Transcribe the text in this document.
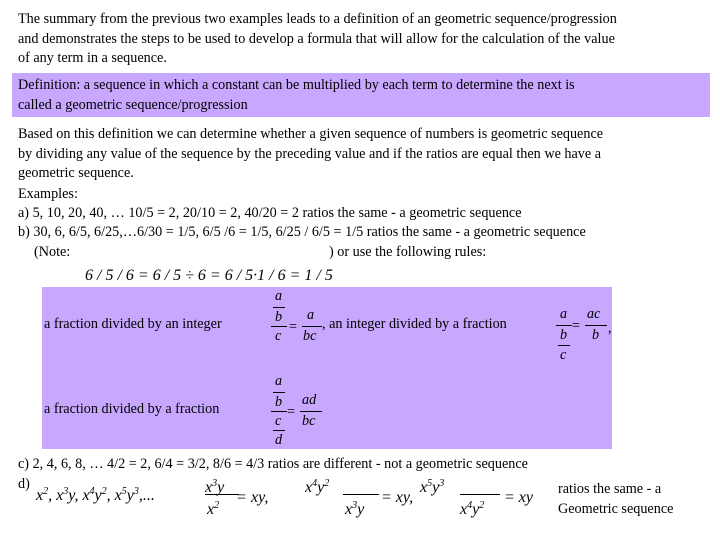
The summary from the previous two examples leads to a definition of an geometric sequence/progression
and demonstrates the steps to be used to develop a formula that will allow for the calculation of the value
of any term in a sequence.
Definition: a sequence in which a constant can be multiplied by each term to determine the next is
called a geometric sequence/progression
Based on this definition we can determine whether a given sequence of numbers is geometric sequence
by dividing any value of the sequence by the preceding value and if the ratios are equal then we have a
geometric sequence.
Examples:
a) 5, 10, 20, 40, … 10/5 = 2, 20/10 = 2, 40/20 = 2 ratios the same - a geometric sequence
b) 30, 6, 6/5, 6/25,…6/30 = 1/5, 6/5 /6 = 1/5, 6/25 / 6/5 = 1/5 ratios the same - a geometric sequence
(Note:	) or use the following rules:
6 / 5 / 6 = 6 / 5 ÷ 6 = 6 / 5·1 / 6 = 1 / 5
a fraction divided by an integer
a
b
c
=
a
bc
, an integer divided by a fraction
a
b
c
=
ac
b ,
a fraction divided by a fraction
a
b
c
d
=
ad
bc
c) 2, 4, 6, 8, … 4/2 = 2, 6/4 = 3/2, 8/6 = 4/3 ratios are different - not a geometric sequence
d)
$x^2$, $x^3y$, $x^4y^2$, $x^5y^3$,...	$x^3y$
= xy,
$x^2$
$x^4y^2$
$x^3y$
= xy,
$x^5y^3$
$x^4y^2$ = xy ratios the same - a
Geometric sequence
